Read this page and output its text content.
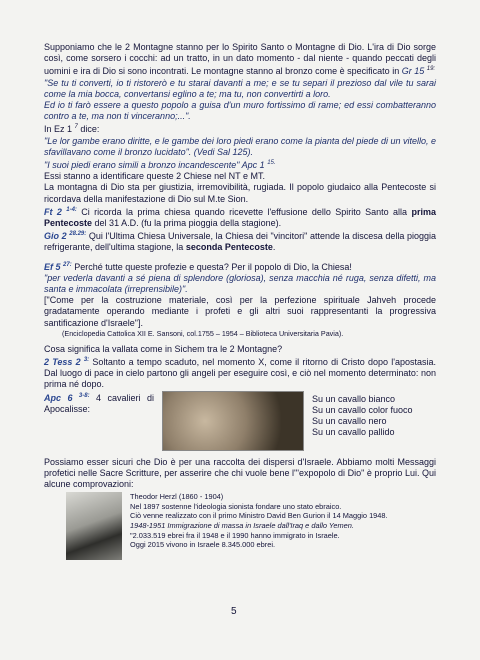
Supponiamo che le 2 Montagne stanno per lo Spirito Santo o Montagne di Dio. L'ira di Dio sorge così, come sorsero i cocchi: ad un tratto, in un dato momento - dal niente - quando peccati degli uomini e ira di Dio si sono incontrati. Le montagne stanno al bronzo come è specificato in Gr 15 $^{19:}$

"Se tu ti converti, io ti ristorerò e tu starai davanti a me; e se tu separi il prezioso dal vile tu sarai come la mia bocca, convertansi eglino a te; ma tu, non convertirti a loro.

Ed io ti farò essere a questo popolo a guisa d'un muro fortissimo di rame; ed essi combatteranno contro a te, ma non ti vinceranno;...".

In Ez 1 $^7$ dice:

"Le lor gambe erano diritte, e le gambe dei loro piedi erano come la pianta del piede di un vitello, e sfavillavano come il bronzo lucidato". (Vedi Sal 125).

"I suoi piedi erano simili a bronzo incandescente" Apc 1 $^{15.}$

Essi stanno a identificare queste 2 Chiese nel NT e MT.

La montagna di Dio sta per giustizia, irremovibilità, rugiada. Il popolo giudaico alla Pentecoste si ricordava della manifestazione di Dio sul M.te Sion.

Ft 2 $^{1-4:}$ Ci ricorda la prima chiesa quando ricevette l'effusione dello Spirito Santo alla prima Pentecoste del 31 A.D. (fu la prima pioggia della stagione).

Gio 2 $^{28.29:}$ Qui l'Ultima Chiesa Universale, la Chiesa dei "vincitori" attende la discesa della pioggia refrigerante, dell'ultima stagione, la seconda Pentecoste.

Ef 5 $^{27:}$ Perché tutte queste profezie e questa? Per il popolo di Dio, la Chiesa!

"per vederla davanti a sé piena di splendore (gloriosa), senza macchia né ruga, senza difetti, ma santa e immacolata (irreprensibile)".

["Come per la costruzione materiale, così per la perfezione spirituale Jahveh procede gradatamente operando mediante i profeti e gli altri suoi rappresentanti la progressiva santificazione d'Israele"].

(Enciclopedia Cattolica XII E. Sansoni, col.1755 – 1954 – Biblioteca Universitaria Pavia).

Cosa significa la vallata come in Sichem tra le 2 Montagne?

2 Tess 2 $^{3:}$ Soltanto a tempo scaduto, nel momento X, come il ritorno di Cristo dopo l'apostasia. Dal luogo di pace in cielo partono gli angeli per eseguire così, e ciò nel momento determinato: non prima né dopo.

Apc 6 $^{3-8:}$ 4 cavalieri di Apocalisse:

Su un cavallo bianco
Su un cavallo color fuoco
Su un cavallo nero
Su un cavallo pallido

Possiamo esser sicuri che Dio è per una raccolta dei dispersi d'Israele. Abbiamo molti Messaggi profetici nelle Sacre Scritture, per asserire che chi vuole bene l'"expopolo di Dio" è proprio Lui. Qui alcune comprovazioni:

Theodor Herzl (1860 - 1904)

Nel 1897 sostenne l'ideologia sionista fondare uno stato ebraico.

Ciò venne realizzato con il primo Ministro David Ben Gurion il 14 Maggio 1948.

1948-1951 Immigrazione di massa in Israele dall'Iraq e dallo Yemen.

"2.033.519 ebrei fra il 1948 e il 1990 hanno immigrato in Israele.

Oggi 2015 vivono in Israele 8.345.000 ebrei.

5
